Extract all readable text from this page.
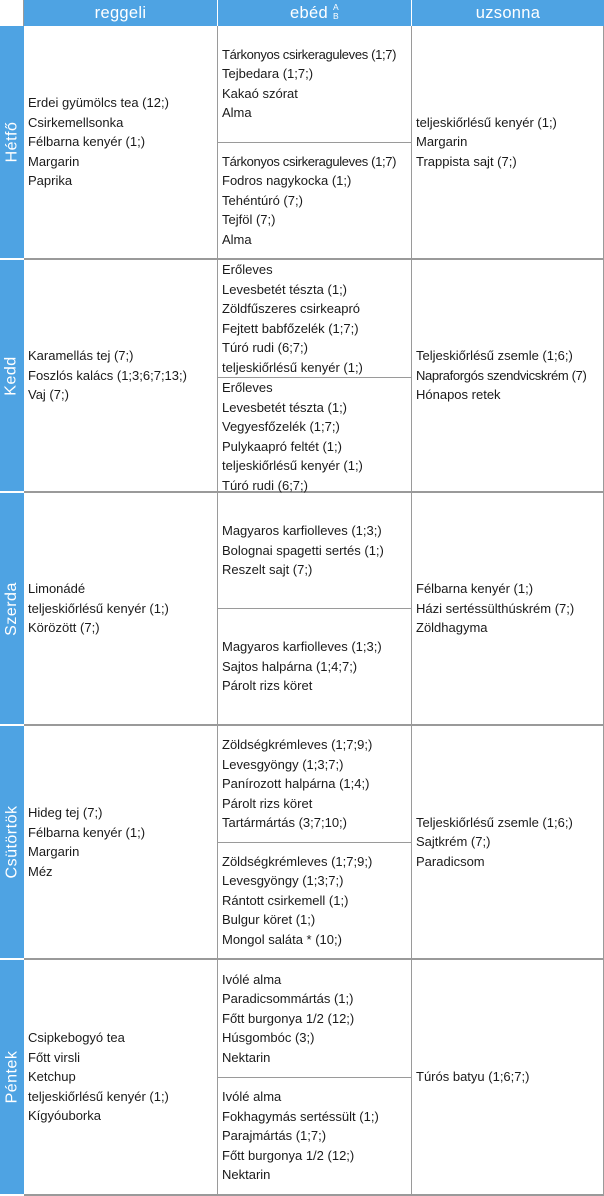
reggeli	ebéd A
B	uzsonna
Hétfő
Erdei gyümölcs tea (12;)
Csirkemellsonka
Félbarna kenyér (1;)
Margarin
Paprika
Tárkonyos csirkeraguleves (1;7)
Tejbedara (1;7;)
Kakaó szórat
Alma
Tárkonyos csirkeraguleves (1;7)
Fodros nagykocka (1;)
Tehéntúró (7;)
Tejföl (7;)
Alma
teljeskiőrlésű kenyér (1;)
Margarin
Trappista sajt (7;)
Kedd
Karamellás tej (7;)
Foszlós kalács (1;3;6;7;13;)
Vaj (7;)
Erőleves
Levesbetét tészta (1;)
Zöldfűszeres csirkeapró
Fejtett babfőzelék (1;7;)
Túró rudi (6;7;)
teljeskiőrlésű kenyér (1;)
Erőleves
Levesbetét tészta (1;)
Vegyesfőzelék (1;7;)
Pulykaapró feltét (1;)
teljeskiőrlésű kenyér (1;)
Túró rudi (6;7;)
Teljeskiőrlésű zsemle (1;6;)
Napraforgós szendvicskrém (7)
Hónapos retek
Szerda Limonádé
teljeskiőrlésű kenyér (1;)
Körözött (7;)
Magyaros karfiolleves (1;3;)
Bolognai spagetti sertés (1;)
Reszelt sajt (7;)
Magyaros karfiolleves (1;3;)
Sajtos halpárna (1;4;7;)
Párolt rizs köret
Félbarna kenyér (1;)
Házi sertéssülthúskrém (7;)
Zöldhagyma
Csütörtök Hideg tej (7;)
Félbarna kenyér (1;)
Margarin
Méz
Zöldségkrémleves (1;7;9;)
Levesgyöngy (1;3;7;)
Panírozott halpárna (1;4;)
Párolt rizs köret
Tartármártás (3;7;10;)
Zöldségkrémleves (1;7;9;)
Levesgyöngy (1;3;7;)
Rántott csirkemell (1;)
Bulgur köret (1;)
Mongol saláta * (10;)
Teljeskiőrlésű zsemle (1;6;)
Sajtkrém (7;)
Paradicsom
Péntek
Csipkebogyó tea
Főtt virsli
Ketchup
teljeskiőrlésű kenyér (1;)
Kígyóuborka
Ivólé alma
Paradicsommártás (1;)
Főtt burgonya 1/2 (12;)
Húsgombóc (3;)
Nektarin
Ivólé alma
Fokhagymás sertéssült (1;)
Parajmártás (1;7;)
Főtt burgonya 1/2 (12;)
Nektarin
Túrós batyu (1;6;7;)
